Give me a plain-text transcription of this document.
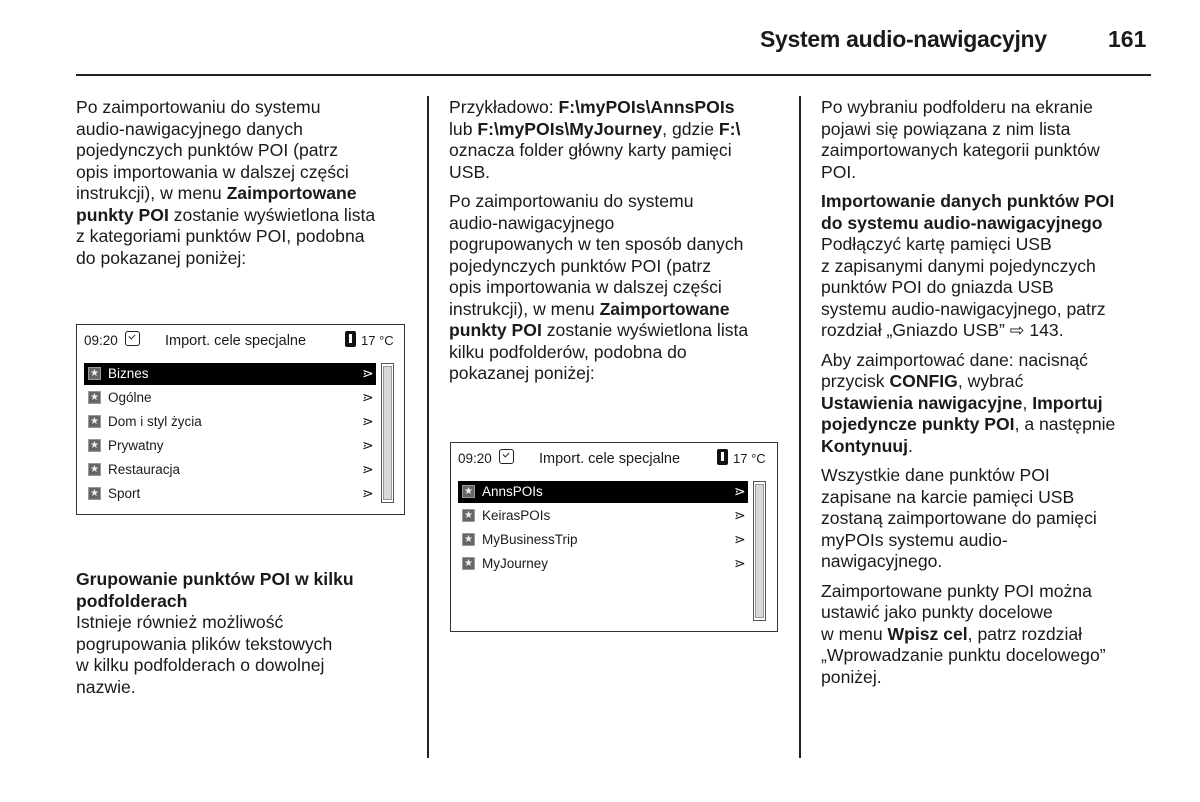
System audio-nawigacyjny	161

Po zaimportowaniu do systemu
audio-nawigacyjnego danych
pojedynczych punktów POI (patrz
opis importowania w dalszej części
instrukcji), w menu Zaimportowane
punkty POI zostanie wyświetlona lista
z kategoriami punktów POI, podobna
do pokazanej poniżej:

Grupowanie punktów POI w kilku
podfolderach

Istnieje również możliwość
pogrupowania plików tekstowych
w kilku podfolderach o dowolnej
nazwie.

09:20	Import. cele specjalne	17 °C
★ Biznes	⋗
★ Ogólne	⋗
★ Dom i styl życia	⋗
★ Prywatny	⋗
★ Restauracja	⋗
★ Sport	⋗

Przykładowo: F:\myPOIs\AnnsPOIs
lub F:\myPOIs\MyJourney, gdzie F:\
oznacza folder główny karty pamięci
USB.

Po zaimportowaniu do systemu
audio-nawigacyjnego
pogrupowanych w ten sposób danych
pojedynczych punktów POI (patrz
opis importowania w dalszej części
instrukcji), w menu Zaimportowane
punkty POI zostanie wyświetlona lista
kilku podfolderów, podobna do
pokazanej poniżej:

09:20	Import. cele specjalne	17 °C
★ AnnsPOIs	⋗
★ KeirasPOIs	⋗
★ MyBusinessTrip	⋗
★ MyJourney	⋗

Po wybraniu podfolderu na ekranie
pojawi się powiązana z nim lista
zaimportowanych kategorii punktów
POI.

Importowanie danych punktów POI
do systemu audio-nawigacyjnego

Podłączyć kartę pamięci USB
z zapisanymi danymi pojedynczych
punktów POI do gniazda USB
systemu audio-nawigacyjnego, patrz
rozdział „Gniazdo USB” ⇨ 143.

Aby zaimportować dane: nacisnąć
przycisk CONFIG, wybrać
Ustawienia nawigacyjne, Importuj
pojedyncze punkty POI, a następnie
Kontynuuj.

Wszystkie dane punktów POI
zapisane na karcie pamięci USB
zostaną zaimportowane do pamięci
myPOIs systemu audio-
nawigacyjnego.

Zaimportowane punkty POI można
ustawić jako punkty docelowe
w menu Wpisz cel, patrz rozdział
„Wprowadzanie punktu docelowego”
poniżej.
